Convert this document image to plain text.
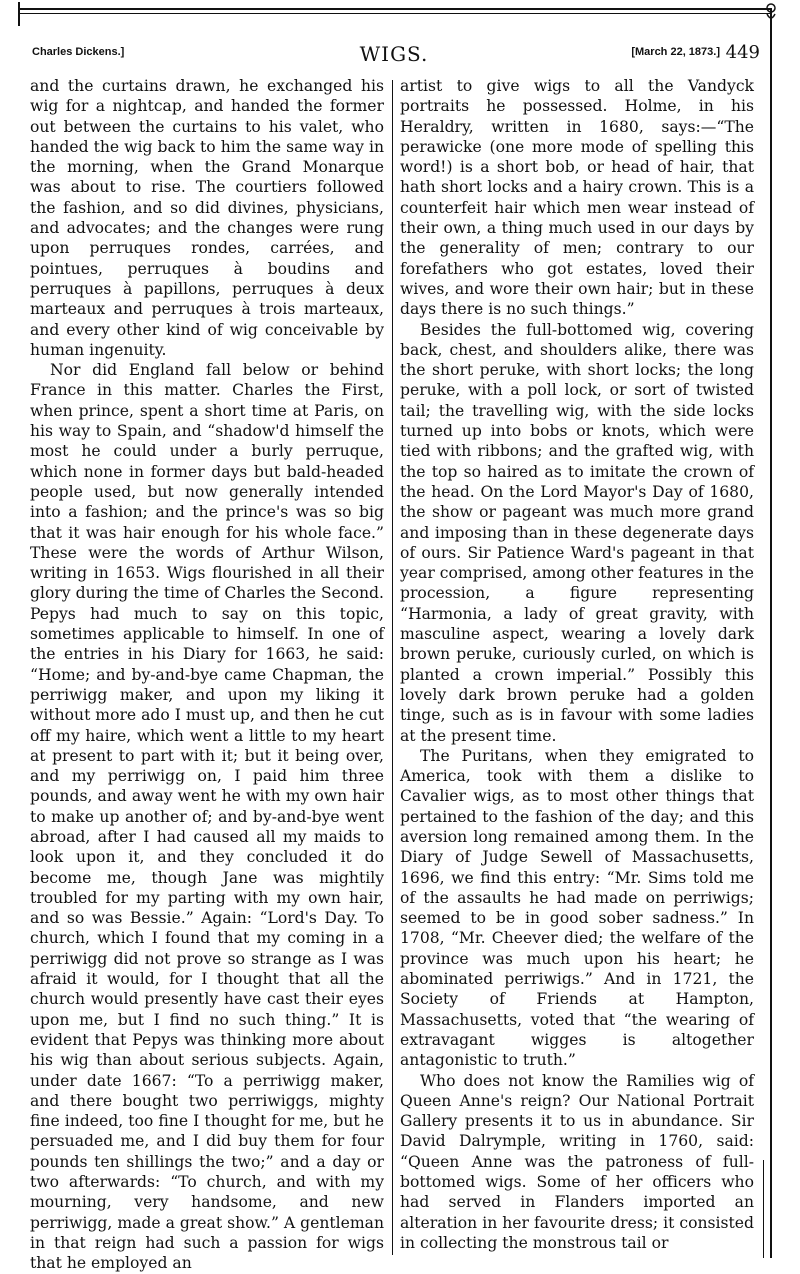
Charles Dickens.]	WIGS.	[March 22, 1873.] 449

and the curtains drawn, he exchanged his wig for a nightcap, and handed the former out between the curtains to his valet, who handed the wig back to him the same way in the morning, when the Grand Monarque was about to rise. The courtiers followed the fashion, and so did divines, physicians, and advocates; and the changes were rung upon perruques rondes, carrées, and pointues, perruques à boudins and perruques à papillons, perruques à deux marteaux and perruques à trois marteaux, and every other kind of wig conceivable by human ingenuity.

Nor did England fall below or behind France in this matter. Charles the First, when prince, spent a short time at Paris, on his way to Spain, and “shadow'd himself the most he could under a burly perruque, which none in former days but bald-headed people used, but now generally intended into a fashion; and the prince's was so big that it was hair enough for his whole face.” These were the words of Arthur Wilson, writing in 1653. Wigs flourished in all their glory during the time of Charles the Second. Pepys had much to say on this topic, sometimes applicable to himself. In one of the entries in his Diary for 1663, he said: “Home; and by-and-bye came Chapman, the perriwigg maker, and upon my liking it without more ado I must up, and then he cut off my haire, which went a little to my heart at present to part with it; but it being over, and my perriwigg on, I paid him three pounds, and away went he with my own hair to make up another of; and by-and-bye went abroad, after I had caused all my maids to look upon it, and they concluded it do become me, though Jane was mightily troubled for my parting with my own hair, and so was Bessie.” Again: “Lord's Day. To church, which I found that my coming in a perriwigg did not prove so strange as I was afraid it would, for I thought that all the church would presently have cast their eyes upon me, but I find no such thing.” It is evident that Pepys was thinking more about his wig than about serious subjects. Again, under date 1667: “To a perriwigg maker, and there bought two perriwiggs, mighty fine indeed, too fine I thought for me, but he persuaded me, and I did buy them for four pounds ten shillings the two;” and a day or two afterwards: “To church, and with my mourning, very handsome, and new perriwigg, made a great show.” A gentleman in that reign had such a passion for wigs that he employed an

artist to give wigs to all the Vandyck portraits he possessed. Holme, in his Heraldry, written in 1680, says:—“The perawicke (one more mode of spelling this word!) is a short bob, or head of hair, that hath short locks and a hairy crown. This is a counterfeit hair which men wear instead of their own, a thing much used in our days by the generality of men; contrary to our forefathers who got estates, loved their wives, and wore their own hair; but in these days there is no such things.”

Besides the full-bottomed wig, covering back, chest, and shoulders alike, there was the short peruke, with short locks; the long peruke, with a poll lock, or sort of twisted tail; the travelling wig, with the side locks turned up into bobs or knots, which were tied with ribbons; and the grafted wig, with the top so haired as to imitate the crown of the head. On the Lord Mayor's Day of 1680, the show or pageant was much more grand and imposing than in these degenerate days of ours. Sir Patience Ward's pageant in that year comprised, among other features in the procession, a figure representing “Harmonia, a lady of great gravity, with masculine aspect, wearing a lovely dark brown peruke, curiously curled, on which is planted a crown imperial.” Possibly this lovely dark brown peruke had a golden tinge, such as is in favour with some ladies at the present time.

The Puritans, when they emigrated to America, took with them a dislike to Cavalier wigs, as to most other things that pertained to the fashion of the day; and this aversion long remained among them. In the Diary of Judge Sewell of Massachusetts, 1696, we find this entry: “Mr. Sims told me of the assaults he had made on perriwigs; seemed to be in good sober sadness.” In 1708, “Mr. Cheever died; the welfare of the province was much upon his heart; he abominated perriwigs.” And in 1721, the Society of Friends at Hampton, Massachusetts, voted that “the wearing of extravagant wigges is altogether antagonistic to truth.”

Who does not know the Ramilies wig of Queen Anne's reign? Our National Portrait Gallery presents it to us in abundance. Sir David Dalrymple, writing in 1760, said: “Queen Anne was the patroness of full-bottomed wigs. Some of her officers who had served in Flanders imported an alteration in her favourite dress; it consisted in collecting the monstrous tail or
